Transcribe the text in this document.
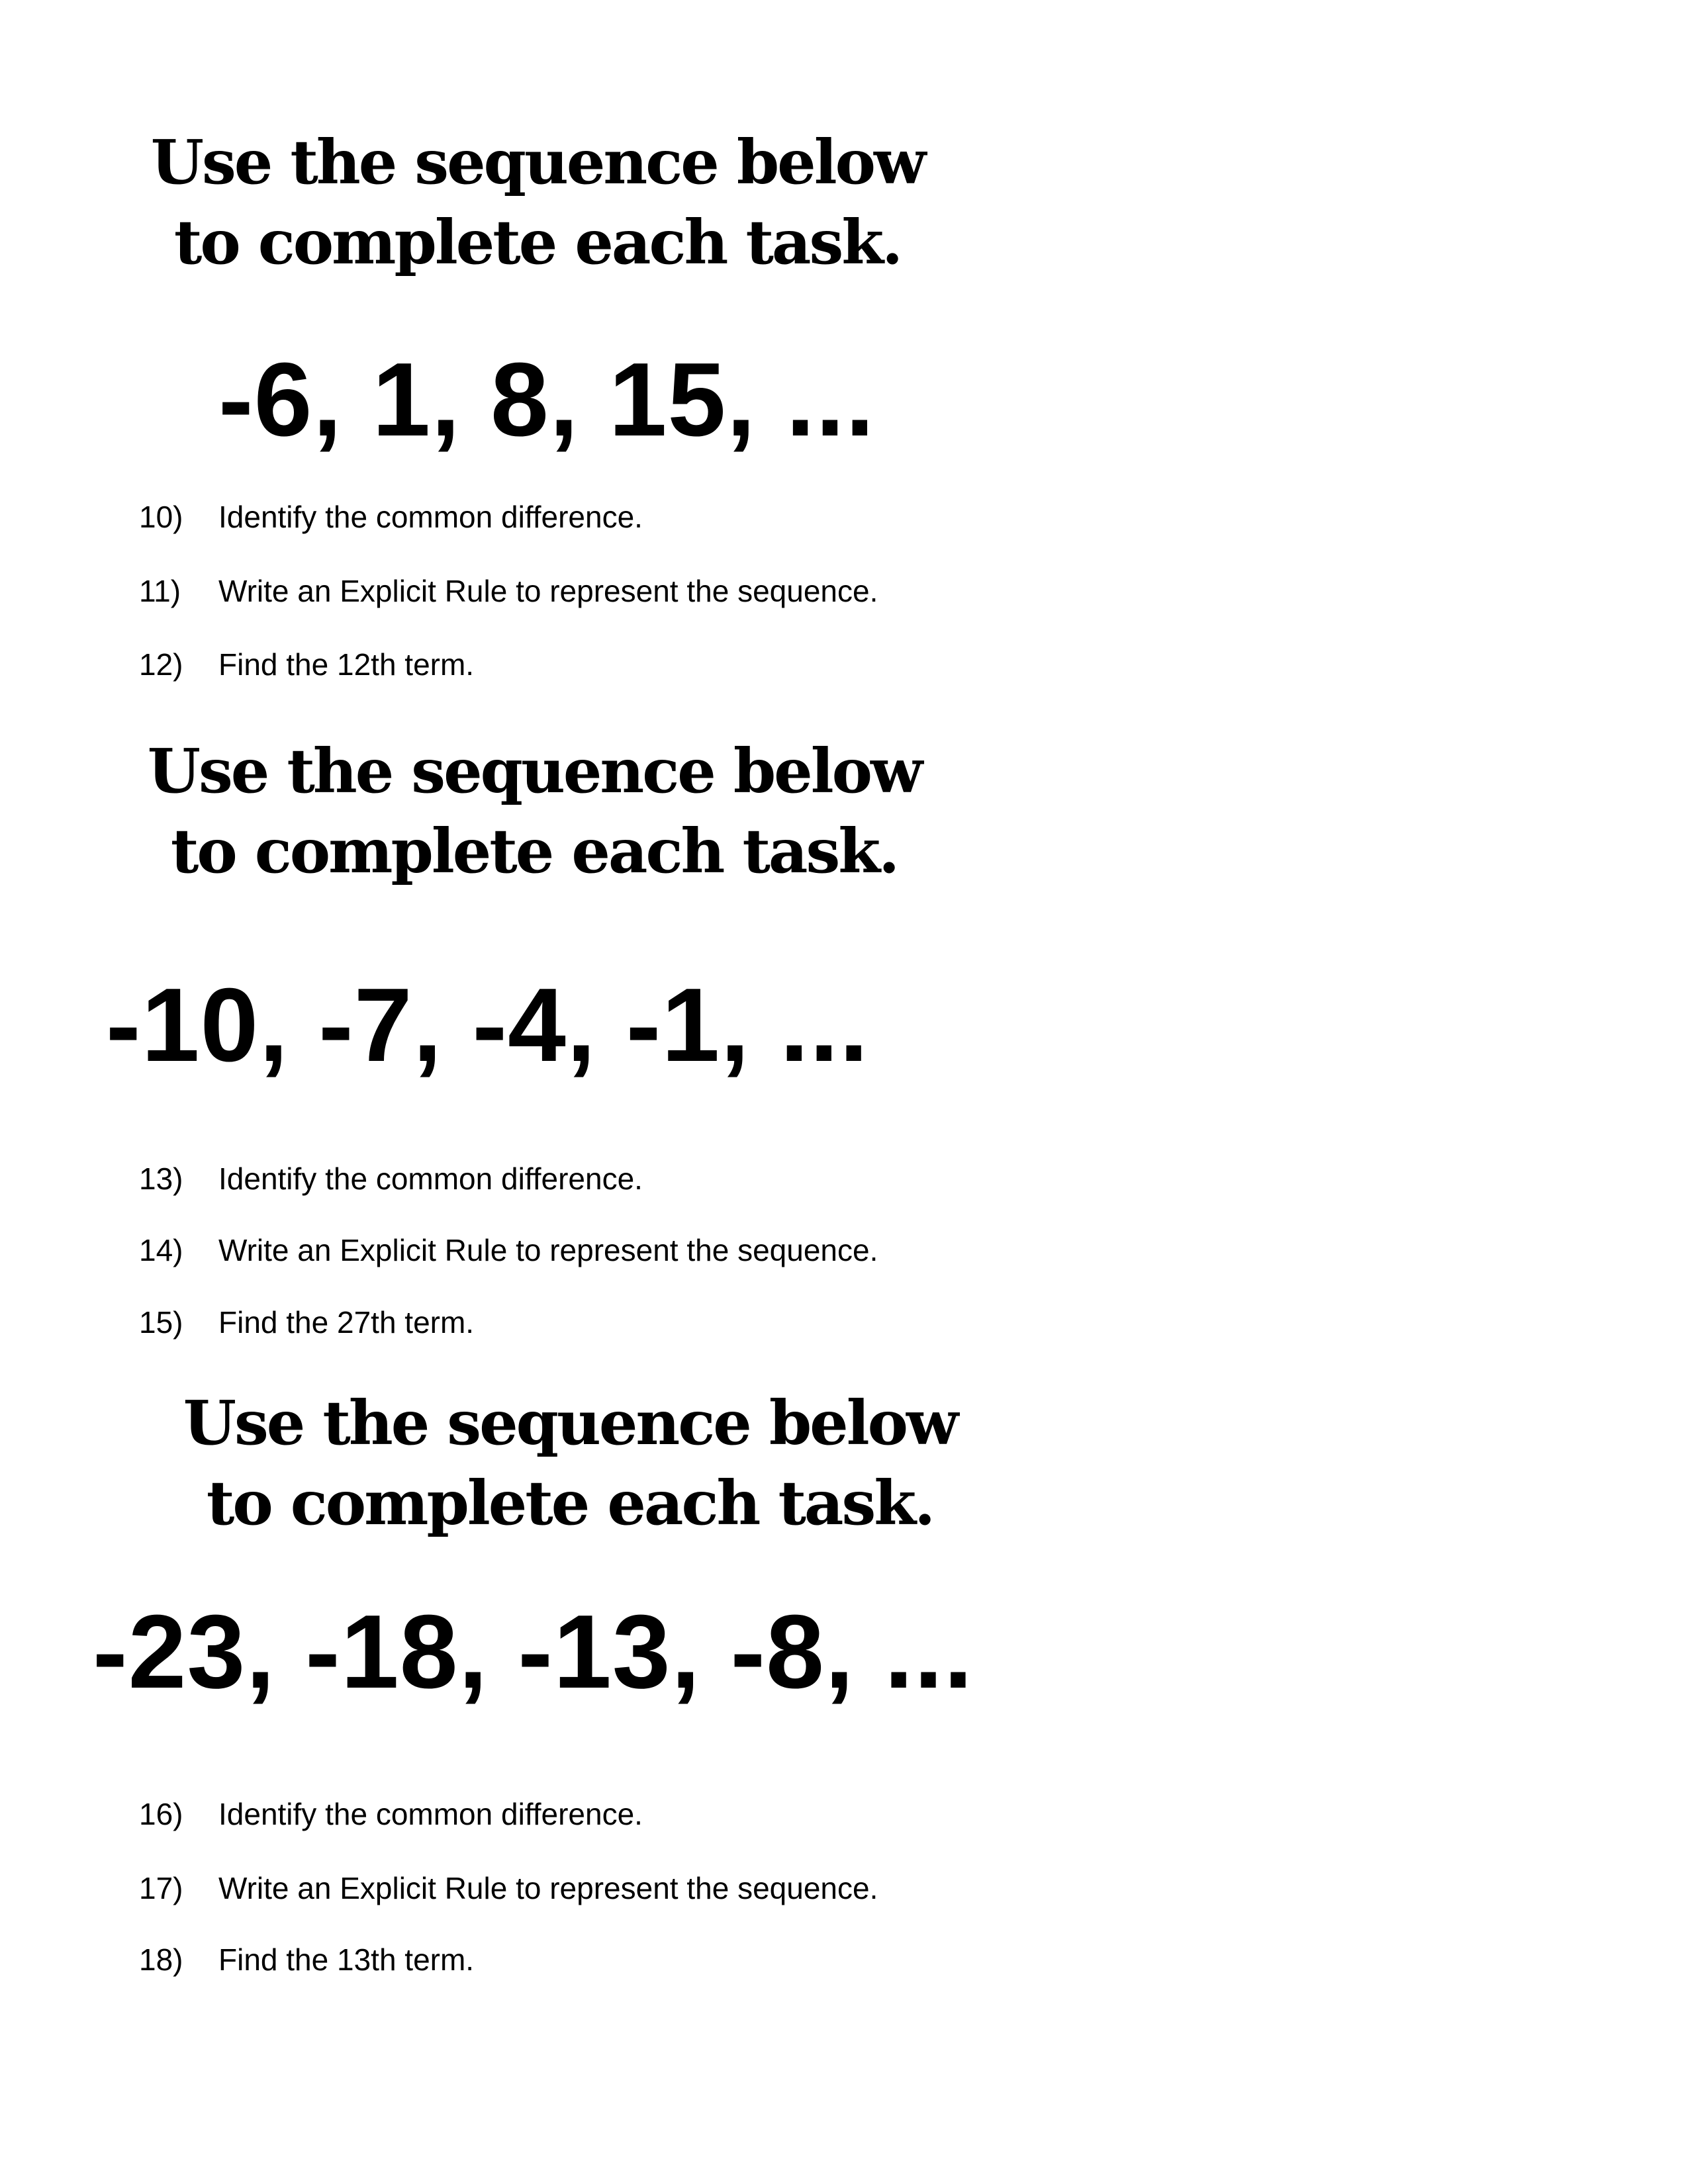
Use the sequence below
to complete each task.
-6, 1, 8, 15, ...
10)	Identify the common difference.
11)	Write an Explicit Rule to represent the sequence.
12)	Find the 12th term.
Use the sequence below
to complete each task.
-10, -7, -4, -1, ...
13)	Identify the common difference.
14)	Write an Explicit Rule to represent the sequence.
15)	Find the 27th term.
Use the sequence below
to complete each task.
-23, -18, -13, -8, ...
16)	Identify the common difference.
17)	Write an Explicit Rule to represent the sequence.
18)	Find the 13th term.
